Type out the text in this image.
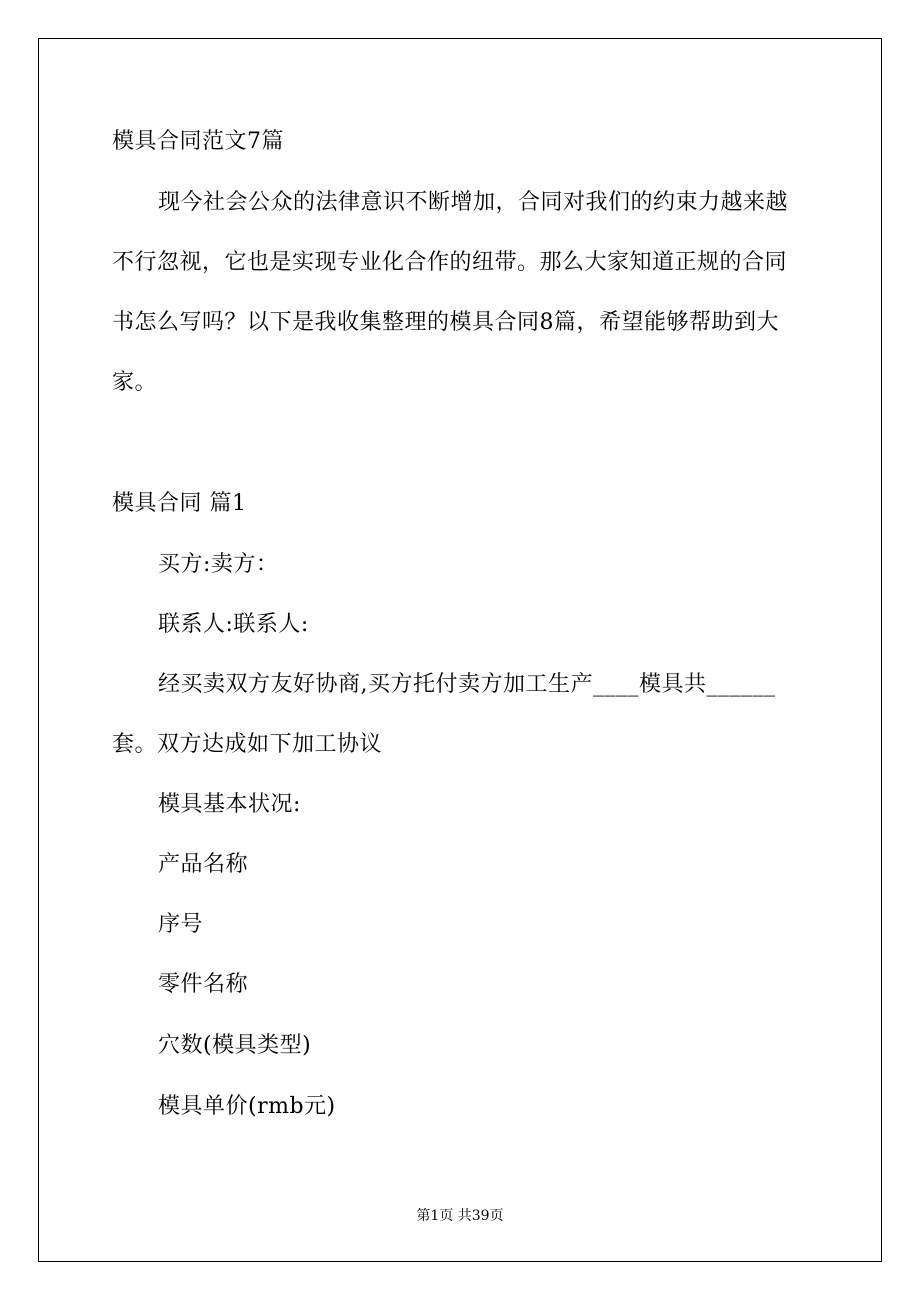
模具合同范文7篇
现今社会公众的法律意识不断增加，合同对我们的约束力越来越
不行忽视，它也是实现专业化合作的纽带。那么大家知道正规的合同
书怎么写吗？以下是我收集整理的模具合同8篇，希望能够帮助到大
家。
模具合同 篇1
买方:卖方：
联系人:联系人:
经买卖双方友好协商,买方托付卖方加工生产____模具共______
套。双方达成如下加工协议
模具基本状况:
产品名称
序号
零件名称
穴数(模具类型)
模具单价(rmb元)
第1页 共39页
